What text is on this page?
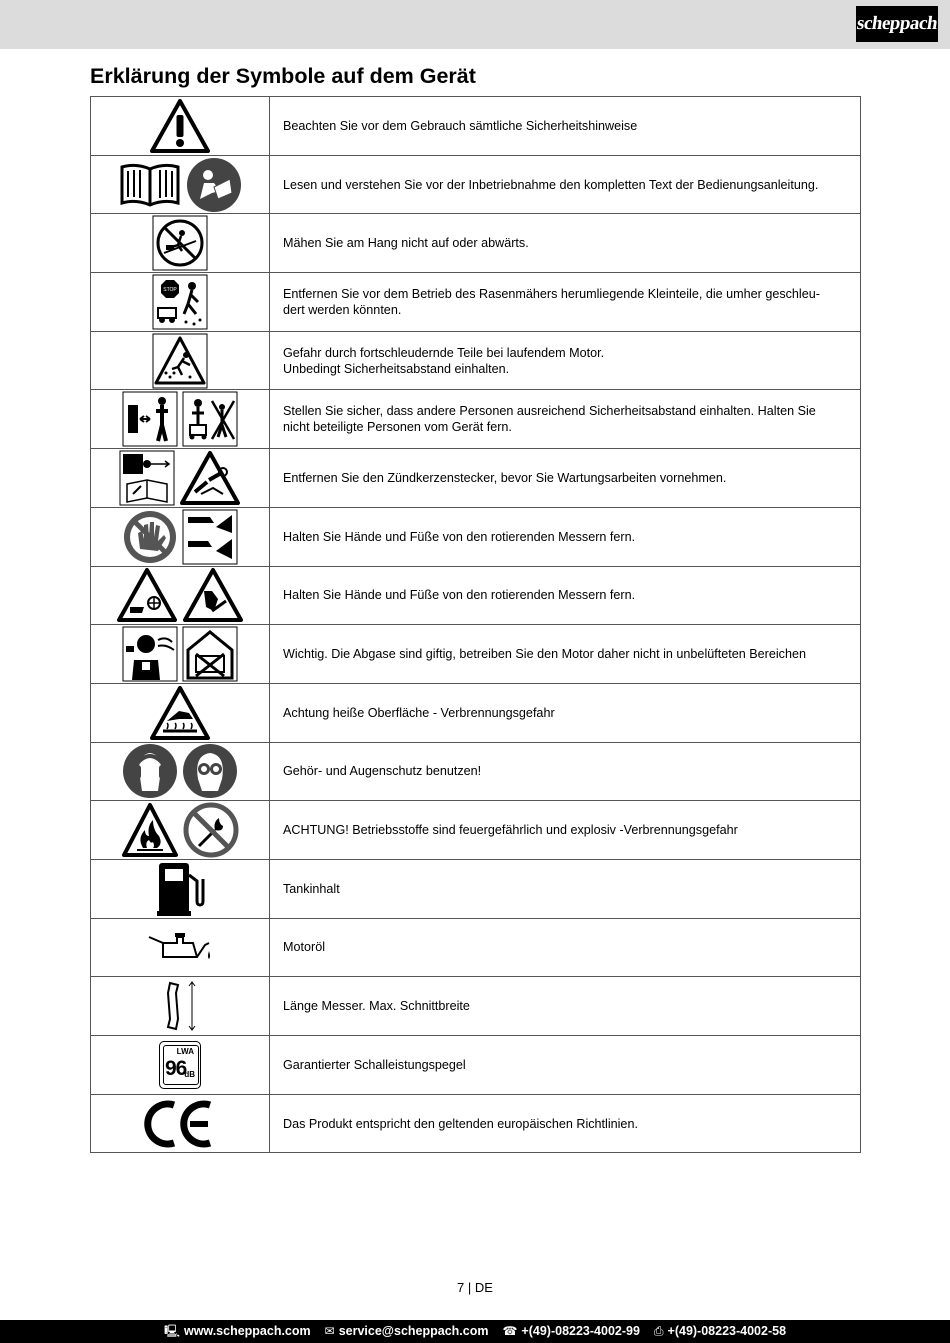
scheppach
Erklärung der Symbole auf dem Gerät
	Beachten Sie vor dem Gebrauch sämtliche Sicherheitshinweise

	Lesen und verstehen Sie vor der Inbetriebnahme den kompletten Text der Bedienungsanleitung.

	Mähen Sie am Hang nicht auf oder abwärts.

STOP	Entfernen Sie vor dem Betrieb des Rasenmähers herumliegende Kleinteile, die umher geschleu-dert werden könnten.

	Gefahr durch fortschleudernde Teile bei laufendem Motor.
Unbedingt Sicherheitsabstand einhalten.

	Stellen Sie sicher, dass andere Personen ausreichend Sicherheitsabstand einhalten. Halten Sie nicht beteiligte Personen vom Gerät fern.

	Entfernen Sie den Zündkerzenstecker, bevor Sie Wartungsarbeiten vornehmen.

	Halten Sie Hände und Füße von den rotierenden Messern fern.

	Halten Sie Hände und Füße von den rotierenden Messern fern.

	Wichtig. Die Abgase sind giftig, betreiben Sie den Motor daher nicht in unbelüfteten Bereichen

	Achtung heiße Oberfläche - Verbrennungsgefahr

	Gehör- und Augenschutz benutzen!

	ACHTUNG! Betriebsstoffe sind feuergefährlich und explosiv -Verbrennungsgefahr

	Tankinhalt

	Motoröl

	Länge Messer. Max. Schnittbreite

LWA
96
dB	Garantierter Schalleistungspegel

	Das Produkt entspricht den geltenden europäischen Richtlinien.
7 | DE
🖳 www.scheppach.com ✉ service@scheppach.com ☎ +(49)-08223-4002-99 ⎙ +(49)-08223-4002-58
